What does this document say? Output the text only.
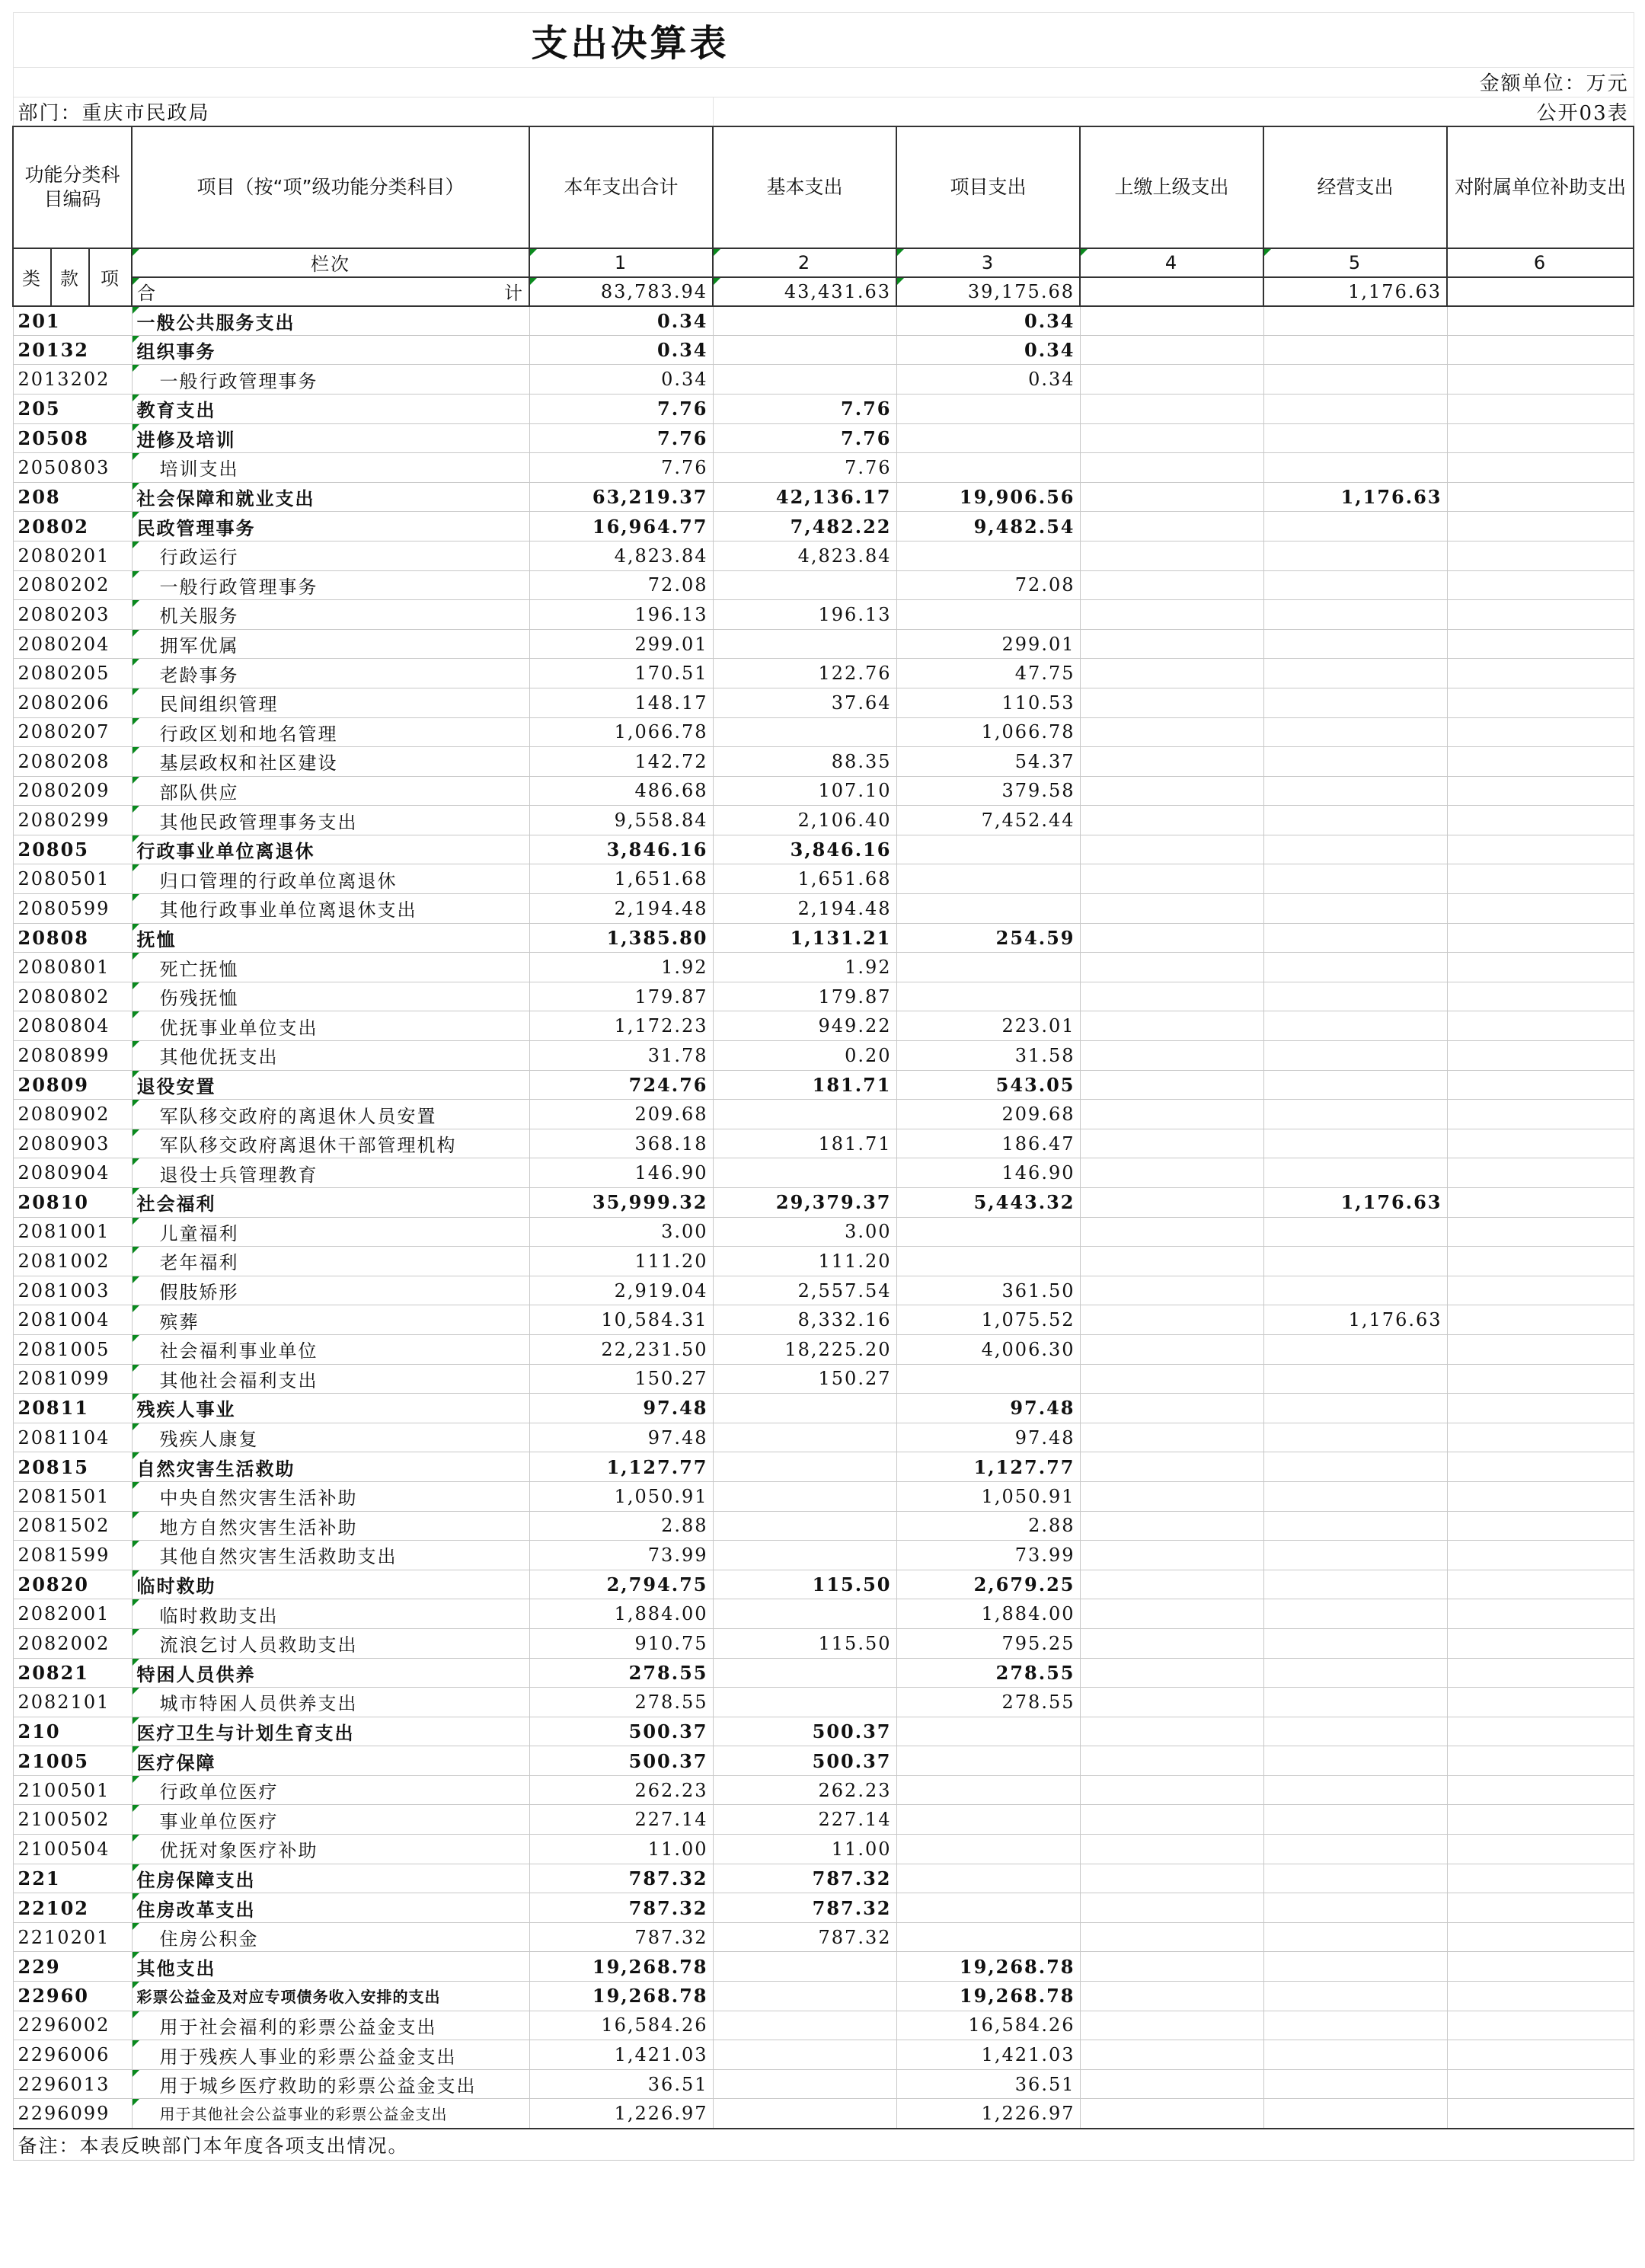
支出决算表									
金额单位：万元									
部门：重庆市民政局					公开03表				
功能分类科目编码			项目（按“项”级功能分类科目）	本年支出合计	基本支出	项目支出	上缴上级支出	经营支出	对附属单位补助支出
类	款	项	栏次	1	2	3	4	5	6
			合 计	83,783.94	43,431.63	39,175.68		1,176.63	
201			一般公共服务支出	0.34		0.34			
20132			组织事务	0.34		0.34			
2013202			一般行政管理事务	0.34		0.34			
205			教育支出	7.76	7.76				
20508			进修及培训	7.76	7.76				
2050803			培训支出	7.76	7.76				
208			社会保障和就业支出	63,219.37	42,136.17	19,906.56		1,176.63	
20802			民政管理事务	16,964.77	7,482.22	9,482.54			
2080201			行政运行	4,823.84	4,823.84				
2080202			一般行政管理事务	72.08		72.08			
2080203			机关服务	196.13	196.13				
2080204			拥军优属	299.01		299.01			
2080205			老龄事务	170.51	122.76	47.75			
2080206			民间组织管理	148.17	37.64	110.53			
2080207			行政区划和地名管理	1,066.78		1,066.78			
2080208			基层政权和社区建设	142.72	88.35	54.37			
2080209			部队供应	486.68	107.10	379.58			
2080299			其他民政管理事务支出	9,558.84	2,106.40	7,452.44			
20805			行政事业单位离退休	3,846.16	3,846.16				
2080501			归口管理的行政单位离退休	1,651.68	1,651.68				
2080599			其他行政事业单位离退休支出	2,194.48	2,194.48				
20808			抚恤	1,385.80	1,131.21	254.59			
2080801			死亡抚恤	1.92	1.92				
2080802			伤残抚恤	179.87	179.87				
2080804			优抚事业单位支出	1,172.23	949.22	223.01			
2080899			其他优抚支出	31.78	0.20	31.58			
20809			退役安置	724.76	181.71	543.05			
2080902			军队移交政府的离退休人员安置	209.68		209.68			
2080903			军队移交政府离退休干部管理机构	368.18	181.71	186.47			
2080904			退役士兵管理教育	146.90		146.90			
20810			社会福利	35,999.32	29,379.37	5,443.32		1,176.63	
2081001			儿童福利	3.00	3.00				
2081002			老年福利	111.20	111.20				
2081003			假肢矫形	2,919.04	2,557.54	361.50			
2081004			殡葬	10,584.31	8,332.16	1,075.52		1,176.63	
2081005			社会福利事业单位	22,231.50	18,225.20	4,006.30			
2081099			其他社会福利支出	150.27	150.27				
20811			残疾人事业	97.48		97.48			
2081104			残疾人康复	97.48		97.48			
20815			自然灾害生活救助	1,127.77		1,127.77			
2081501			中央自然灾害生活补助	1,050.91		1,050.91			
2081502			地方自然灾害生活补助	2.88		2.88			
2081599			其他自然灾害生活救助支出	73.99		73.99			
20820			临时救助	2,794.75	115.50	2,679.25			
2082001			临时救助支出	1,884.00		1,884.00			
2082002			流浪乞讨人员救助支出	910.75	115.50	795.25			
20821			特困人员供养	278.55		278.55			
2082101			城市特困人员供养支出	278.55		278.55			
210			医疗卫生与计划生育支出	500.37	500.37				
21005			医疗保障	500.37	500.37				
2100501			行政单位医疗	262.23	262.23				
2100502			事业单位医疗	227.14	227.14				
2100504			优抚对象医疗补助	11.00	11.00				
221			住房保障支出	787.32	787.32				
22102			住房改革支出	787.32	787.32				
2210201			住房公积金	787.32	787.32				
229			其他支出	19,268.78		19,268.78			
22960			彩票公益金及对应专项债务收入安排的支出	19,268.78		19,268.78			
2296002			用于社会福利的彩票公益金支出	16,584.26		16,584.26			
2296006			用于残疾人事业的彩票公益金支出	1,421.03		1,421.03			
2296013			用于城乡医疗救助的彩票公益金支出	36.51		36.51			
2296099			用于其他社会公益事业的彩票公益金支出	1,226.97		1,226.97			
备注：本表反映部门本年度各项支出情况。									
